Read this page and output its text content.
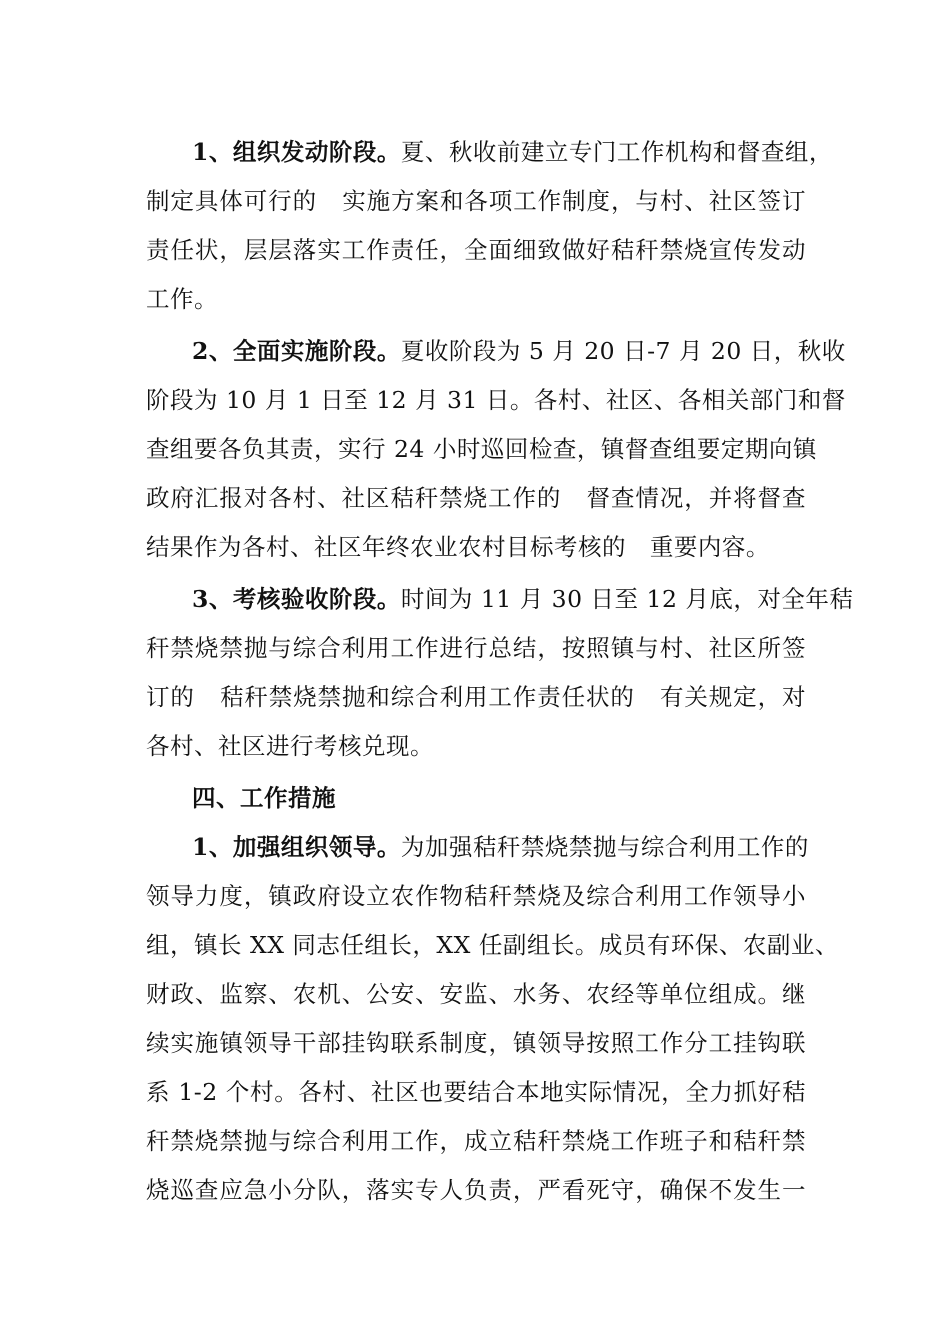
1、组织发动阶段。夏、秋收前建立专门工作机构和督查组，
制定具体可行的   实施方案和各项工作制度，与村、社区签订
责任状，层层落实工作责任，全面细致做好秸秆禁烧宣传发动
工作。
2、全面实施阶段。夏收阶段为 5 月 20 日-7 月 20 日，秋收
阶段为 10 月 1 日至 12 月 31 日。各村、社区、各相关部门和督
查组要各负其责，实行 24 小时巡回检查，镇督查组要定期向镇
政府汇报对各村、社区秸秆禁烧工作的   督查情况，并将督查
结果作为各村、社区年终农业农村目标考核的   重要内容。
3、考核验收阶段。时间为 11 月 30 日至 12 月底，对全年秸
秆禁烧禁抛与综合利用工作进行总结，按照镇与村、社区所签
订的   秸秆禁烧禁抛和综合利用工作责任状的   有关规定，对
各村、社区进行考核兑现。
四、工作措施
1、加强组织领导。为加强秸秆禁烧禁抛与综合利用工作的
领导力度，镇政府设立农作物秸秆禁烧及综合利用工作领导小
组，镇长 XX 同志任组长，XX 任副组长。成员有环保、农副业、
财政、监察、农机、公安、安监、水务、农经等单位组成。继
续实施镇领导干部挂钩联系制度，镇领导按照工作分工挂钩联
系 1-2 个村。各村、社区也要结合本地实际情况，全力抓好秸
秆禁烧禁抛与综合利用工作，成立秸秆禁烧工作班子和秸秆禁
烧巡查应急小分队，落实专人负责，严看死守，确保不发生一
